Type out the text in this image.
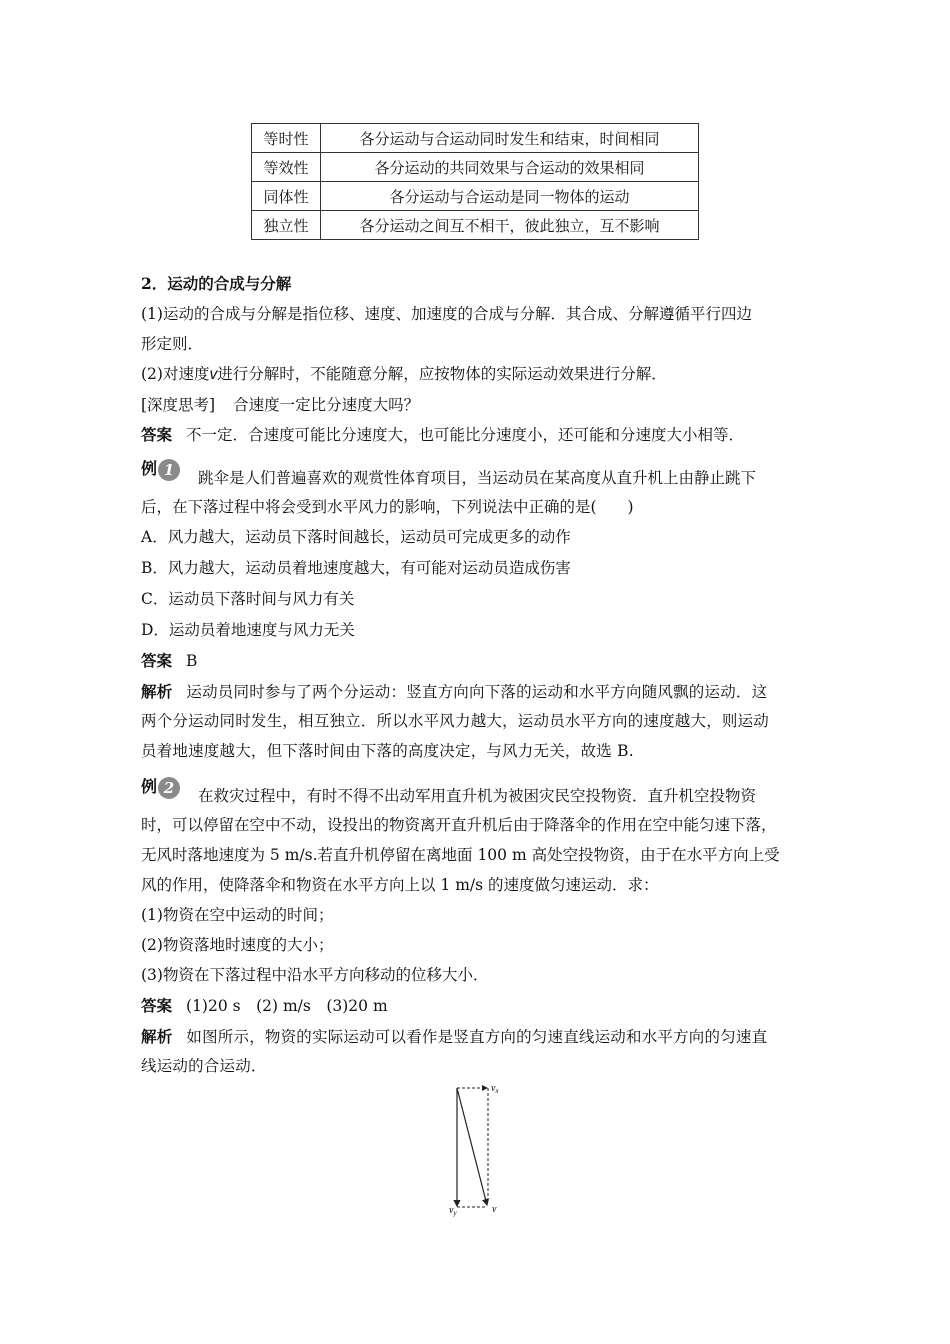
等时性	各分运动与合运动同时发生和结束，时间相同
等效性	各分运动的共同效果与合运动的效果相同
同体性	各分运动与合运动是同一物体的运动
独立性	各分运动之间互不相干，彼此独立，互不影响
2．运动的合成与分解
(1)运动的合成与分解是指位移、速度、加速度的合成与分解．其合成、分解遵循平行四边
形定则．
(2)对速度v进行分解时，不能随意分解，应按物体的实际运动效果进行分解．
[深度思考] 合速度一定比分速度大吗？
答案 不一定．合速度可能比分速度大，也可能比分速度小，还可能和分速度大小相等．
例 1	跳伞是人们普遍喜欢的观赏性体育项目，当运动员在某高度从直升机上由静止跳下
后，在下落过程中将会受到水平风力的影响，下列说法中正确的是(　　)
A．风力越大，运动员下落时间越长，运动员可完成更多的动作
B．风力越大，运动员着地速度越大，有可能对运动员造成伤害
C．运动员下落时间与风力有关
D．运动员着地速度与风力无关
答案 B
解析 运动员同时参与了两个分运动：竖直方向向下落的运动和水平方向随风飘的运动．这
两个分运动同时发生，相互独立．所以水平风力越大，运动员水平方向的速度越大，则运动
员着地速度越大，但下落时间由下落的高度决定，与风力无关，故选 B.
例 2	在救灾过程中，有时不得不出动军用直升机为被困灾民空投物资．直升机空投物资
时，可以停留在空中不动，设投出的物资离开直升机后由于降落伞的作用在空中能匀速下落，
无风时落地速度为 5 m/s.若直升机停留在离地面 100 m 高处空投物资，由于在水平方向上受
风的作用，使降落伞和物资在水平方向上以 1 m/s 的速度做匀速运动．求：
(1)物资在空中运动的时间；
(2)物资落地时速度的大小；
(3)物资在下落过程中沿水平方向移动的位移大小．
答案 (1)20 s　(2) m/s　(3)20 m
解析 如图所示，物资的实际运动可以看作是竖直方向的匀速直线运动和水平方向的匀速直
线运动的合运动．
$v_x$
$v_y$	v
